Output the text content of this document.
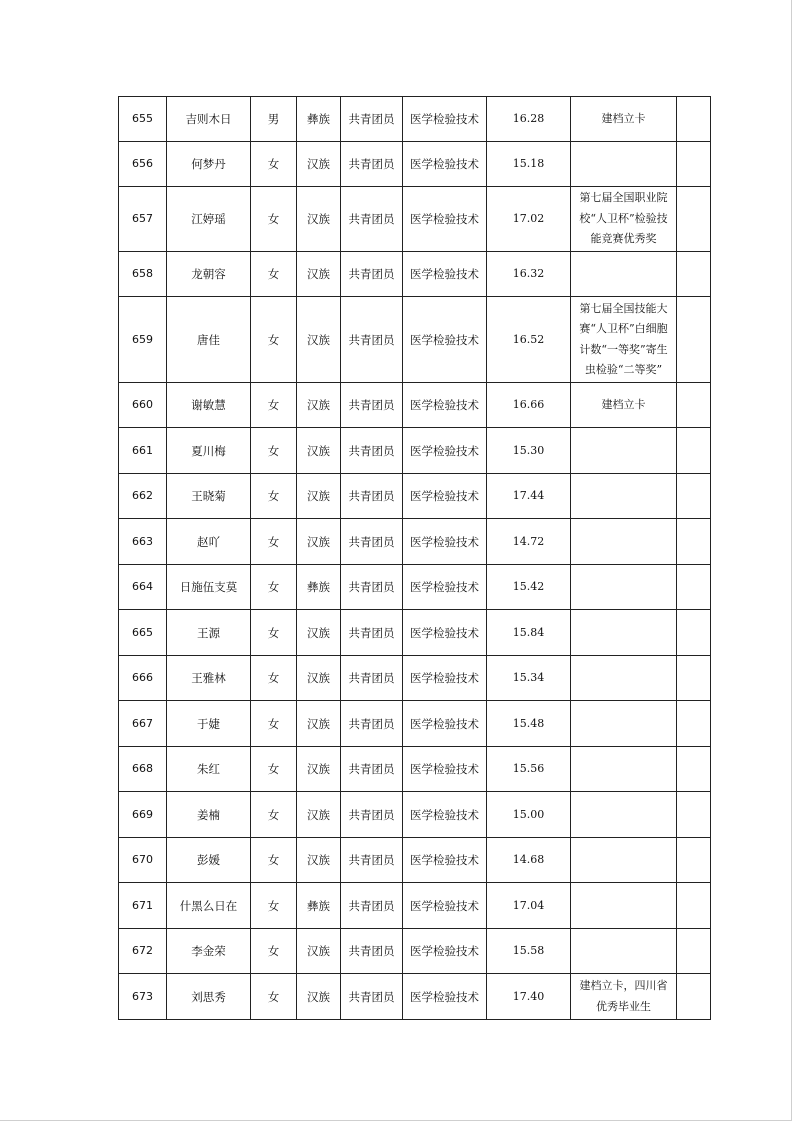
655	吉则木日	男	彝族	共青团员	医学检验技术	16.28	建档立卡	
656	何梦丹	女	汉族	共青团员	医学检验技术	15.18		
657	江婷瑶	女	汉族	共青团员	医学检验技术	17.02	第七届全国职业院校“人卫杯”检验技能竞赛优秀奖	
658	龙朝容	女	汉族	共青团员	医学检验技术	16.32		
659	唐佳	女	汉族	共青团员	医学检验技术	16.52	第七届全国技能大赛“人卫杯”白细胞计数“一等奖”寄生虫检验“二等奖”	
660	谢敏慧	女	汉族	共青团员	医学检验技术	16.66	建档立卡	
661	夏川梅	女	汉族	共青团员	医学检验技术	15.30		
662	王晓菊	女	汉族	共青团员	医学检验技术	17.44		
663	赵吖	女	汉族	共青团员	医学检验技术	14.72		
664	日施伍支莫	女	彝族	共青团员	医学检验技术	15.42		
665	王源	女	汉族	共青团员	医学检验技术	15.84		
666	王雅林	女	汉族	共青团员	医学检验技术	15.34		
667	于婕	女	汉族	共青团员	医学检验技术	15.48		
668	朱红	女	汉族	共青团员	医学检验技术	15.56		
669	姜楠	女	汉族	共青团员	医学检验技术	15.00		
670	彭媛	女	汉族	共青团员	医学检验技术	14.68		
671	什黑么日在	女	彝族	共青团员	医学检验技术	17.04		
672	李金荣	女	汉族	共青团员	医学检验技术	15.58		
673	刘思秀	女	汉族	共青团员	医学检验技术	17.40	建档立卡，四川省优秀毕业生	
